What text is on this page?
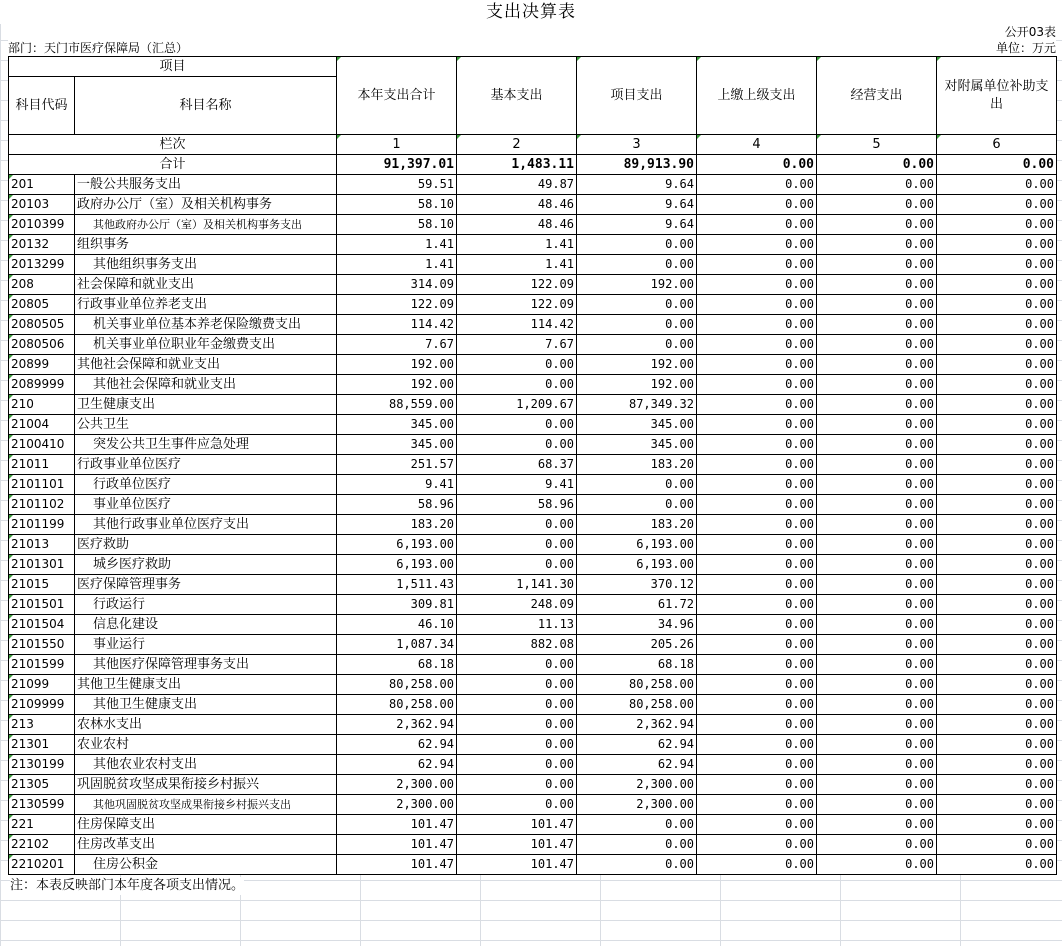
支出决算表
公开03表
部门：天门市医疗保障局（汇总）	单位：万元
项目		本年支出合计	基本支出	项目支出	上缴上级支出	经营支出	对附属单位补助支出
科目代码	科目名称						
栏次		1	2	3	4	5	6
合计		91,397.01	1,483.11	89,913.90	0.00	0.00	0.00
201	一般公共服务支出	59.51	49.87	9.64	0.00	0.00	0.00
20103	政府办公厅（室）及相关机构事务	58.10	48.46	9.64	0.00	0.00	0.00
2010399	其他政府办公厅（室）及相关机构事务支出	58.10	48.46	9.64	0.00	0.00	0.00
20132	组织事务	1.41	1.41	0.00	0.00	0.00	0.00
2013299	其他组织事务支出	1.41	1.41	0.00	0.00	0.00	0.00
208	社会保障和就业支出	314.09	122.09	192.00	0.00	0.00	0.00
20805	行政事业单位养老支出	122.09	122.09	0.00	0.00	0.00	0.00
2080505	机关事业单位基本养老保险缴费支出	114.42	114.42	0.00	0.00	0.00	0.00
2080506	机关事业单位职业年金缴费支出	7.67	7.67	0.00	0.00	0.00	0.00
20899	其他社会保障和就业支出	192.00	0.00	192.00	0.00	0.00	0.00
2089999	其他社会保障和就业支出	192.00	0.00	192.00	0.00	0.00	0.00
210	卫生健康支出	88,559.00	1,209.67	87,349.32	0.00	0.00	0.00
21004	公共卫生	345.00	0.00	345.00	0.00	0.00	0.00
2100410	突发公共卫生事件应急处理	345.00	0.00	345.00	0.00	0.00	0.00
21011	行政事业单位医疗	251.57	68.37	183.20	0.00	0.00	0.00
2101101	行政单位医疗	9.41	9.41	0.00	0.00	0.00	0.00
2101102	事业单位医疗	58.96	58.96	0.00	0.00	0.00	0.00
2101199	其他行政事业单位医疗支出	183.20	0.00	183.20	0.00	0.00	0.00
21013	医疗救助	6,193.00	0.00	6,193.00	0.00	0.00	0.00
2101301	城乡医疗救助	6,193.00	0.00	6,193.00	0.00	0.00	0.00
21015	医疗保障管理事务	1,511.43	1,141.30	370.12	0.00	0.00	0.00
2101501	行政运行	309.81	248.09	61.72	0.00	0.00	0.00
2101504	信息化建设	46.10	11.13	34.96	0.00	0.00	0.00
2101550	事业运行	1,087.34	882.08	205.26	0.00	0.00	0.00
2101599	其他医疗保障管理事务支出	68.18	0.00	68.18	0.00	0.00	0.00
21099	其他卫生健康支出	80,258.00	0.00	80,258.00	0.00	0.00	0.00
2109999	其他卫生健康支出	80,258.00	0.00	80,258.00	0.00	0.00	0.00
213	农林水支出	2,362.94	0.00	2,362.94	0.00	0.00	0.00
21301	农业农村	62.94	0.00	62.94	0.00	0.00	0.00
2130199	其他农业农村支出	62.94	0.00	62.94	0.00	0.00	0.00
21305	巩固脱贫攻坚成果衔接乡村振兴	2,300.00	0.00	2,300.00	0.00	0.00	0.00
2130599	其他巩固脱贫攻坚成果衔接乡村振兴支出	2,300.00	0.00	2,300.00	0.00	0.00	0.00
221	住房保障支出	101.47	101.47	0.00	0.00	0.00	0.00
22102	住房改革支出	101.47	101.47	0.00	0.00	0.00	0.00
2210201	住房公积金	101.47	101.47	0.00	0.00	0.00	0.00
注：本表反映部门本年度各项支出情况。
